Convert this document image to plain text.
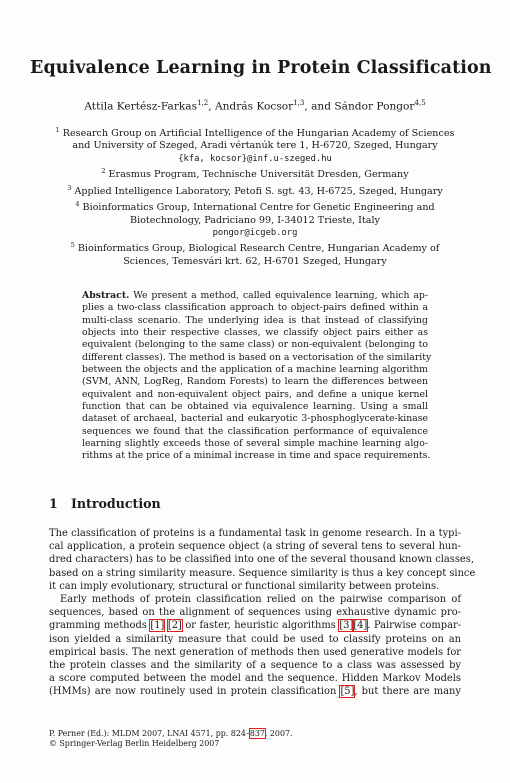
Equivalence Learning in Protein Classification
Attila Kertész-Farkas$^{1,2}$, András Kocsor$^{1,3}$, and Sándor Pongor$^{4,5}$
$^1$ Research Group on Artificial Intelligence of the Hungarian Academy of Sciences
and University of Szeged, Aradi vértanúk tere 1, H-6720, Szeged, Hungary
{kfa, kocsor}@inf.u-szeged.hu
$^2$ Erasmus Program, Technische Universität Dresden, Germany
$^3$ Applied Intelligence Laboratory, Petofi S. sgt. 43, H-6725, Szeged, Hungary
$^4$ Bioinformatics Group, International Centre for Genetic Engineering and
Biotechnology, Padriciano 99, I-34012 Trieste, Italy
pongor@icgeb.org
$^5$ Bioinformatics Group, Biological Research Centre, Hungarian Academy of
Sciences, Temesvári krt. 62, H-6701 Szeged, Hungary
Abstract. We present a method, called equivalence learning, which ap-
plies a two-class classification approach to object-pairs defined within a
multi-class scenario. The underlying idea is that instead of classifying
objects into their respective classes, we classify object pairs either as
equivalent (belonging to the same class) or non-equivalent (belonging to
different classes). The method is based on a vectorisation of the similarity
between the objects and the application of a machine learning algorithm
(SVM, ANN, LogReg, Random Forests) to learn the differences between
equivalent and non-equivalent object pairs, and define a unique kernel
function that can be obtained via equivalence learning. Using a small
dataset of archaeal, bacterial and eukaryotic 3-phosphoglycerate-kinase
sequences we found that the classification performance of equivalence
learning slightly exceeds those of several simple machine learning algo-
rithms at the price of a minimal increase in time and space requirements.
1 Introduction
The classification of proteins is a fundamental task in genome research. In a typi-
cal application, a protein sequence object (a string of several tens to several hun-
dred characters) has to be classified into one of the several thousand known classes,
based on a string similarity measure. Sequence similarity is thus a key concept since
it can imply evolutionary, structural or functional similarity between proteins.
Early methods of protein classification relied on the pairwise comparison of
sequences, based on the alignment of sequences using exhaustive dynamic pro-
gramming methods [1] [2] or faster, heuristic algorithms [3][4]. Pairwise compar-
ison yielded a similarity measure that could be used to classify proteins on an
empirical basis. The next generation of methods then used generative models for
the protein classes and the similarity of a sequence to a class was assessed by
a score computed between the model and the sequence. Hidden Markov Models
(HMMs) are now routinely used in protein classification [5], but there are many
P. Perner (Ed.): MLDM 2007, LNAI 4571, pp. 824–837, 2007.
© Springer-Verlag Berlin Heidelberg 2007
